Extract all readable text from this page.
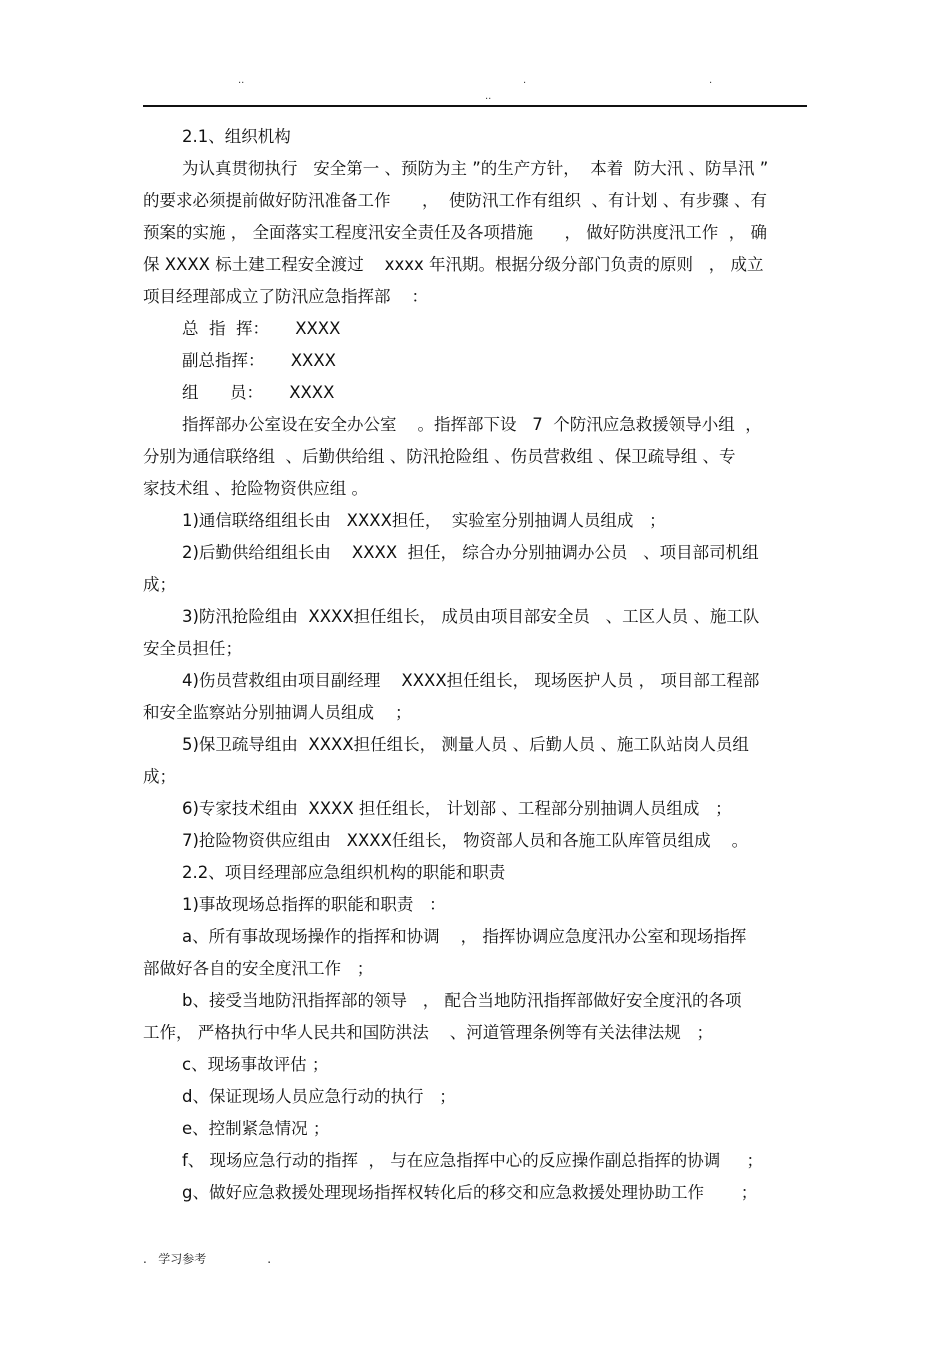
..	.	.
..
2.1、组织机构
为认真贯彻执行   安全第一 、预防为主 ”的生产方针，  本着  防大汛 、防旱汛 ”
的要求必须提前做好防汛准备工作      ，  使防汛工作有组织  、有计划 、有步骤 、有
预案的实施 ， 全面落实工程度汛安全责任及各项措施      ， 做好防洪度汛工作  ， 确
保 XXXX 标土建工程安全渡过    xxxx 年汛期。根据分级分部门负责的原则   ， 成立
项目经理部成立了防汛应急指挥部    ：
总  指  挥：     XXXX
副总指挥：     XXXX
组      员：     XXXX
指挥部办公室设在安全办公室    。指挥部下设   7  个防汛应急救援领导小组  ，
分别为通信联络组  、后勤供给组 、防汛抢险组 、伤员营救组 、保卫疏导组 、专
家技术组 、抢险物资供应组 。
1)通信联络组组长由   XXXX担任，  实验室分别抽调人员组成   ；
2)后勤供给组组长由    XXXX  担任， 综合办分别抽调办公员   、项目部司机组
成；
3)防汛抢险组由  XXXX担任组长， 成员由项目部安全员   、工区人员 、施工队
安全员担任；
4)伤员营救组由项目副经理    XXXX担任组长， 现场医护人员 ， 项目部工程部
和安全监察站分别抽调人员组成    ；
5)保卫疏导组由  XXXX担任组长， 测量人员 、后勤人员 、施工队站岗人员组
成；
6)专家技术组由  XXXX 担任组长， 计划部 、工程部分别抽调人员组成   ；
7)抢险物资供应组由   XXXX任组长， 物资部人员和各施工队库管员组成    。
2.2、项目经理部应急组织机构的职能和职责
1)事故现场总指挥的职能和职责   ：
a、所有事故现场操作的指挥和协调    ， 指挥协调应急度汛办公室和现场指挥
部做好各自的安全度汛工作   ；
b、接受当地防汛指挥部的领导   ， 配合当地防汛指挥部做好安全度汛的各项
工作， 严格执行中华人民共和国防洪法    、河道管理条例等有关法律法规   ；
c、现场事故评估 ；
d、保证现场人员应急行动的执行   ；
e、控制紧急情况 ；
f、 现场应急行动的指挥  ， 与在应急指挥中心的反应操作副总指挥的协调     ；
g、做好应急救援处理现场指挥权转化后的移交和应急救援处理协助工作       ；
.   学习参考                .
